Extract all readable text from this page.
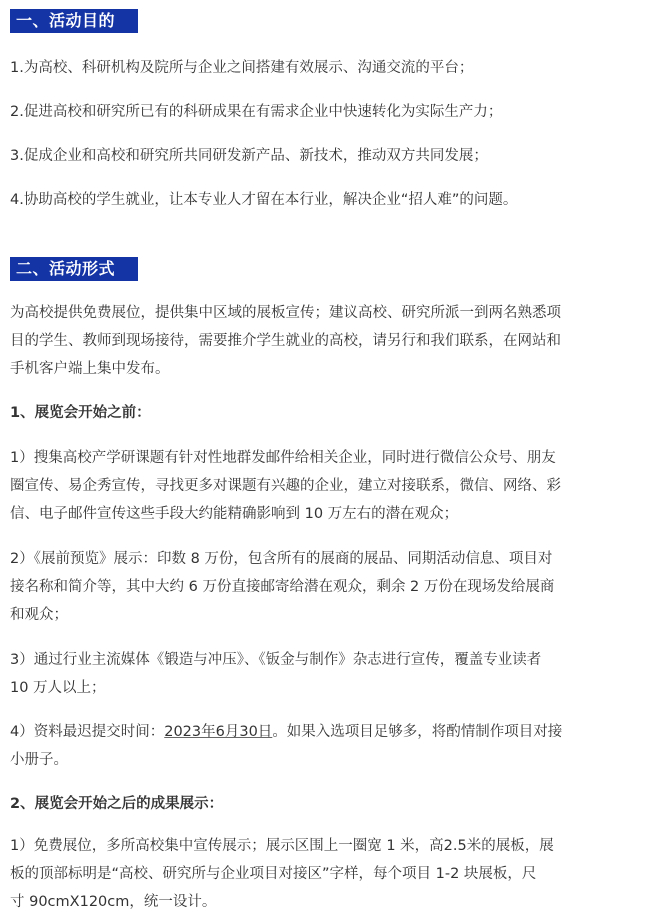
一、活动目的
1.为高校、科研机构及院所与企业之间搭建有效展示、沟通交流的平台；
2.促进高校和研究所已有的科研成果在有需求企业中快速转化为实际生产力；
3.促成企业和高校和研究所共同研发新产品、新技术，推动双方共同发展；
4.协助高校的学生就业，让本专业人才留在本行业，解决企业“招人难”的问题。
二、活动形式
为高校提供免费展位，提供集中区域的展板宣传；建议高校、研究所派一到两名熟悉项
目的学生、教师到现场接待，需要推介学生就业的高校，请另行和我们联系，在网站和
手机客户端上集中发布。
1、展览会开始之前：
1）搜集高校产学研课题有针对性地群发邮件给相关企业，同时进行微信公众号、朋友
圈宣传、易企秀宣传，寻找更多对课题有兴趣的企业，建立对接联系，微信、网络、彩
信、电子邮件宣传这些手段大约能精确影响到 10 万左右的潜在观众；
2）《展前预览》展示：印数 8 万份，包含所有的展商的展品、同期活动信息、项目对
接名称和简介等，其中大约 6 万份直接邮寄给潜在观众，剩余 2 万份在现场发给展商
和观众；
3）通过行业主流媒体《锻造与冲压》、《钣金与制作》杂志进行宣传，覆盖专业读者
10 万人以上；
4）资料最迟提交时间：2023年6月30日。如果入选项目足够多，将酌情制作项目对接
小册子。
2、展览会开始之后的成果展示：
1）免费展位，多所高校集中宣传展示；展示区围上一圈宽 1 米，高2.5米的展板，展
板的顶部标明是“高校、研究所与企业项目对接区”字样，每个项目 1-2 块展板，尺
寸 90cmX120cm，统一设计。
